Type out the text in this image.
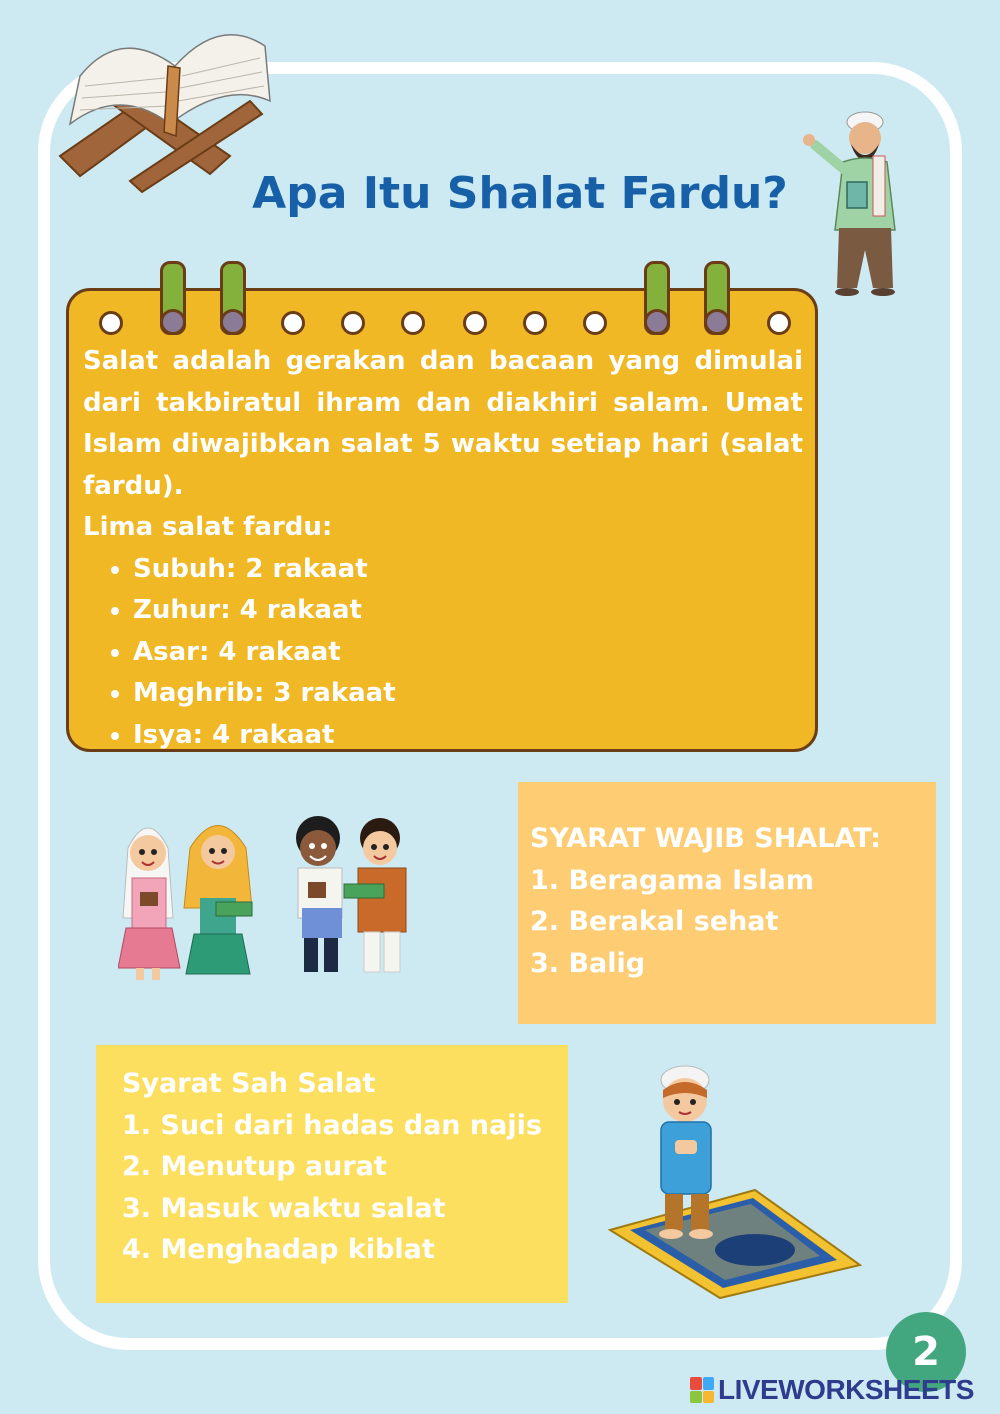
Apa Itu Shalat Fardu?

Salat adalah gerakan dan bacaan yang dimulai dari takbiratul ihram dan diakhiri salam. Umat Islam diwajibkan salat 5 waktu setiap hari (salat fardu).

Lima salat fardu:
• Subuh: 2 rakaat
• Zuhur: 4 rakaat
• Asar: 4 rakaat
• Maghrib: 3 rakaat
• Isya: 4 rakaat
SYARAT WAJIB SHALAT:
1. Beragama Islam
2. Berakal sehat
3. Balig
Syarat Sah Salat
1. Suci dari hadas dan najis
2. Menutup aurat
3. Masuk waktu salat
4. Menghadap kiblat
2
LIVEWORKSHEETS
